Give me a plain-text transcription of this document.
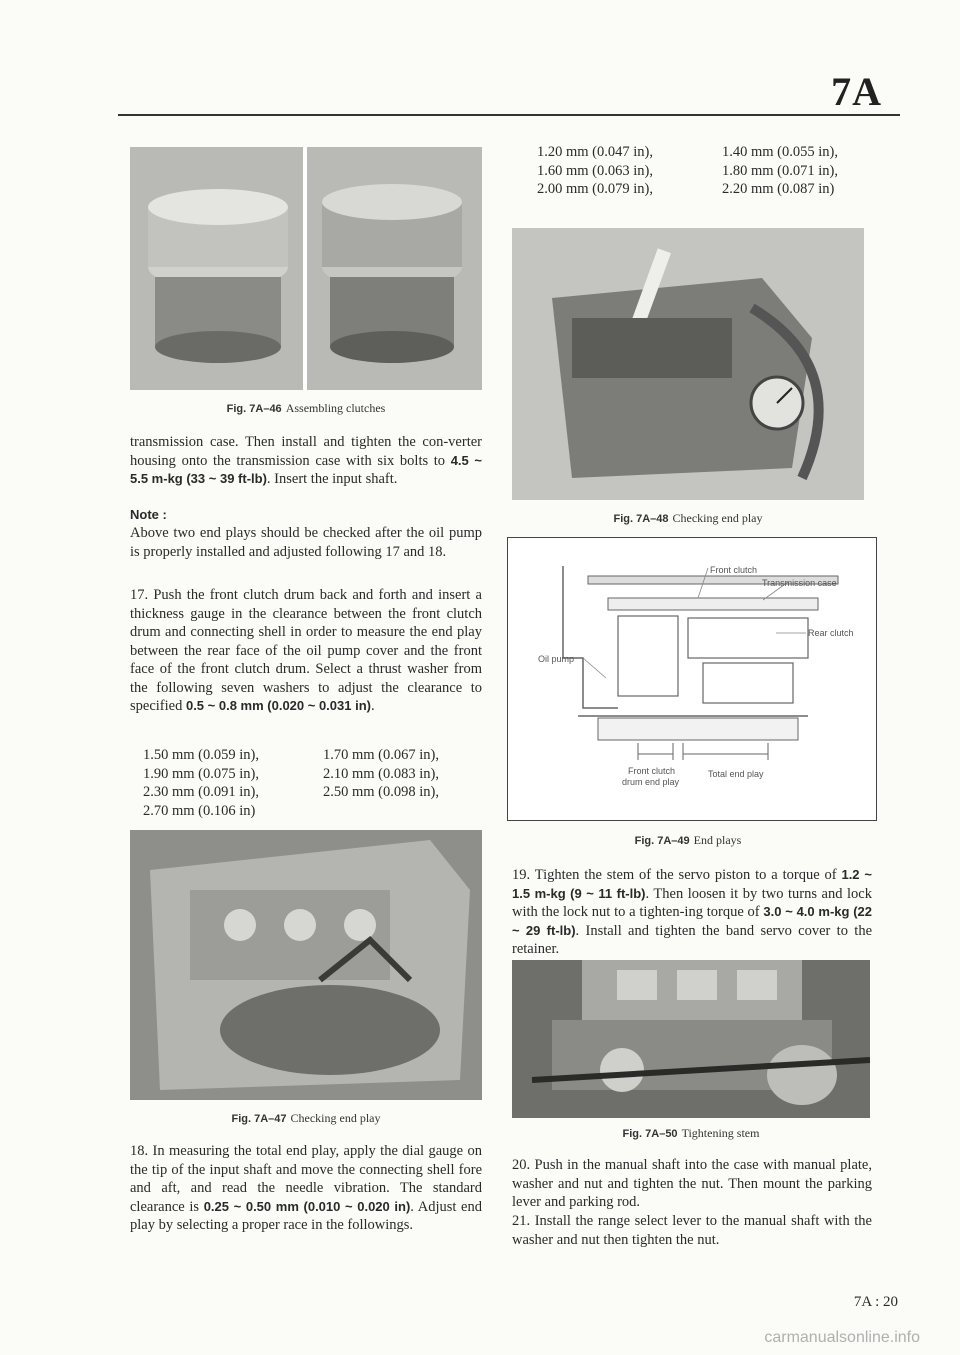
7A
Fig. 7A–46 Assembling clutches
transmission case. Then install and tighten the con-verter housing onto the transmission case with six bolts to 4.5 ~ 5.5 m-kg (33 ~ 39 ft-lb). Insert the input shaft.
Note :
Above two end plays should be checked after the oil pump is properly installed and adjusted following 17 and 18.
17. Push the front clutch drum back and forth and insert a thickness gauge in the clearance between the front clutch drum and connecting shell in order to measure the end play between the rear face of the oil pump cover and the front face of the front clutch drum. Select a thrust washer from the following seven washers to adjust the clearance to specified 0.5 ~ 0.8 mm (0.020 ~ 0.031 in).
1.50 mm (0.059 in),	1.70 mm (0.067 in),
1.90 mm (0.075 in),	2.10 mm (0.083 in),
2.30 mm (0.091 in),	2.50 mm (0.098 in),
2.70 mm (0.106 in)
Fig. 7A–47 Checking end play
18. In measuring the total end play, apply the dial gauge on the tip of the input shaft and move the connecting shell fore and aft, and read the needle vibration. The standard clearance is 0.25 ~ 0.50 mm (0.010 ~ 0.020 in). Adjust end play by selecting a proper race in the followings.
1.20 mm (0.047 in),	1.40 mm (0.055 in),
1.60 mm (0.063 in),	1.80 mm (0.071 in),
2.00 mm (0.079 in),	2.20 mm (0.087 in)
Fig. 7A–48 Checking end play
Front clutch
Transmission case
Rear clutch
Oil pump
Front clutch
drum end play
Total end play
Fig. 7A–49 End plays
19. Tighten the stem of the servo piston to a torque of 1.2 ~ 1.5 m-kg (9 ~ 11 ft-lb). Then loosen it by two turns and lock with the lock nut to a tighten-ing torque of 3.0 ~ 4.0 m-kg (22 ~ 29 ft-lb). Install and tighten the band servo cover to the retainer.
Fig. 7A–50 Tightening stem
20. Push in the manual shaft into the case with manual plate, washer and nut and tighten the nut. Then mount the parking lever and parking rod.
21. Install the range select lever to the manual shaft with the washer and nut then tighten the nut.
7A : 20
carmanualsonline.info
